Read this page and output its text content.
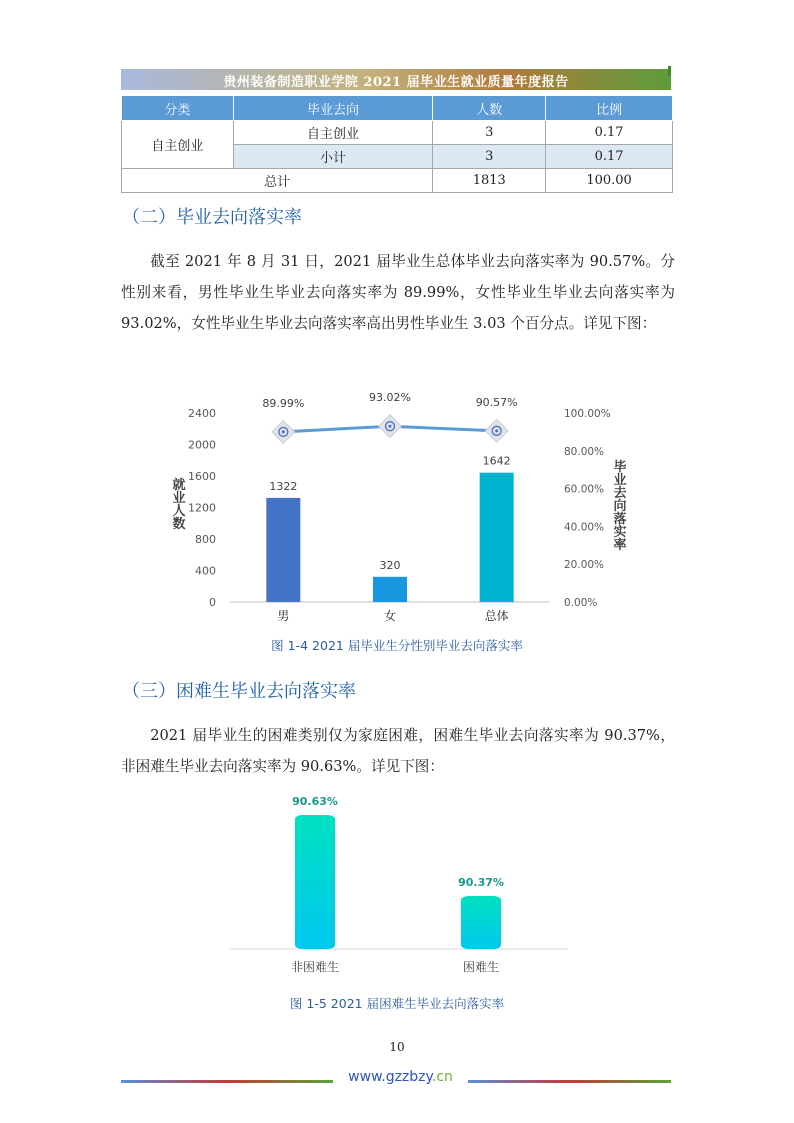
贵州装备制造职业学院 2021 届毕业生就业质量年度报告
分类	毕业去向	人数	比例
自主创业	自主创业	3	0.17
	小计	3	0.17
总计		1813	100.00
（二）毕业去向落实率
截至 2021 年 8 月 31 日，2021 届毕业生总体毕业去向落实率为 90.57%。分性别来看，男性毕业生毕业去向落实率为 89.99%，女性毕业生毕业去向落实率为 93.02%，女性毕业生毕业去向落实率高出男性毕业生 3.03 个百分点。详见下图：
0
400
800
1200
1600
2000
2400
0.00%
20.00%
40.00%
60.00%
80.00%
100.00%
就业人数	毕业去向落实率
1322
男
320
女
1642
总体
89.99%	93.02%	90.57%
图 1-4 2021 届毕业生分性别毕业去向落实率
（三）困难生毕业去向落实率
2021 届毕业生的困难类别仅为家庭困难，困难生毕业去向落实率为 90.37%，非困难生毕业去向落实率为 90.63%。详见下图：
90.63%
非困难生
90.37%
困难生
图 1-5 2021 届困难生毕业去向落实率
10
www.gzzbzy.cn
